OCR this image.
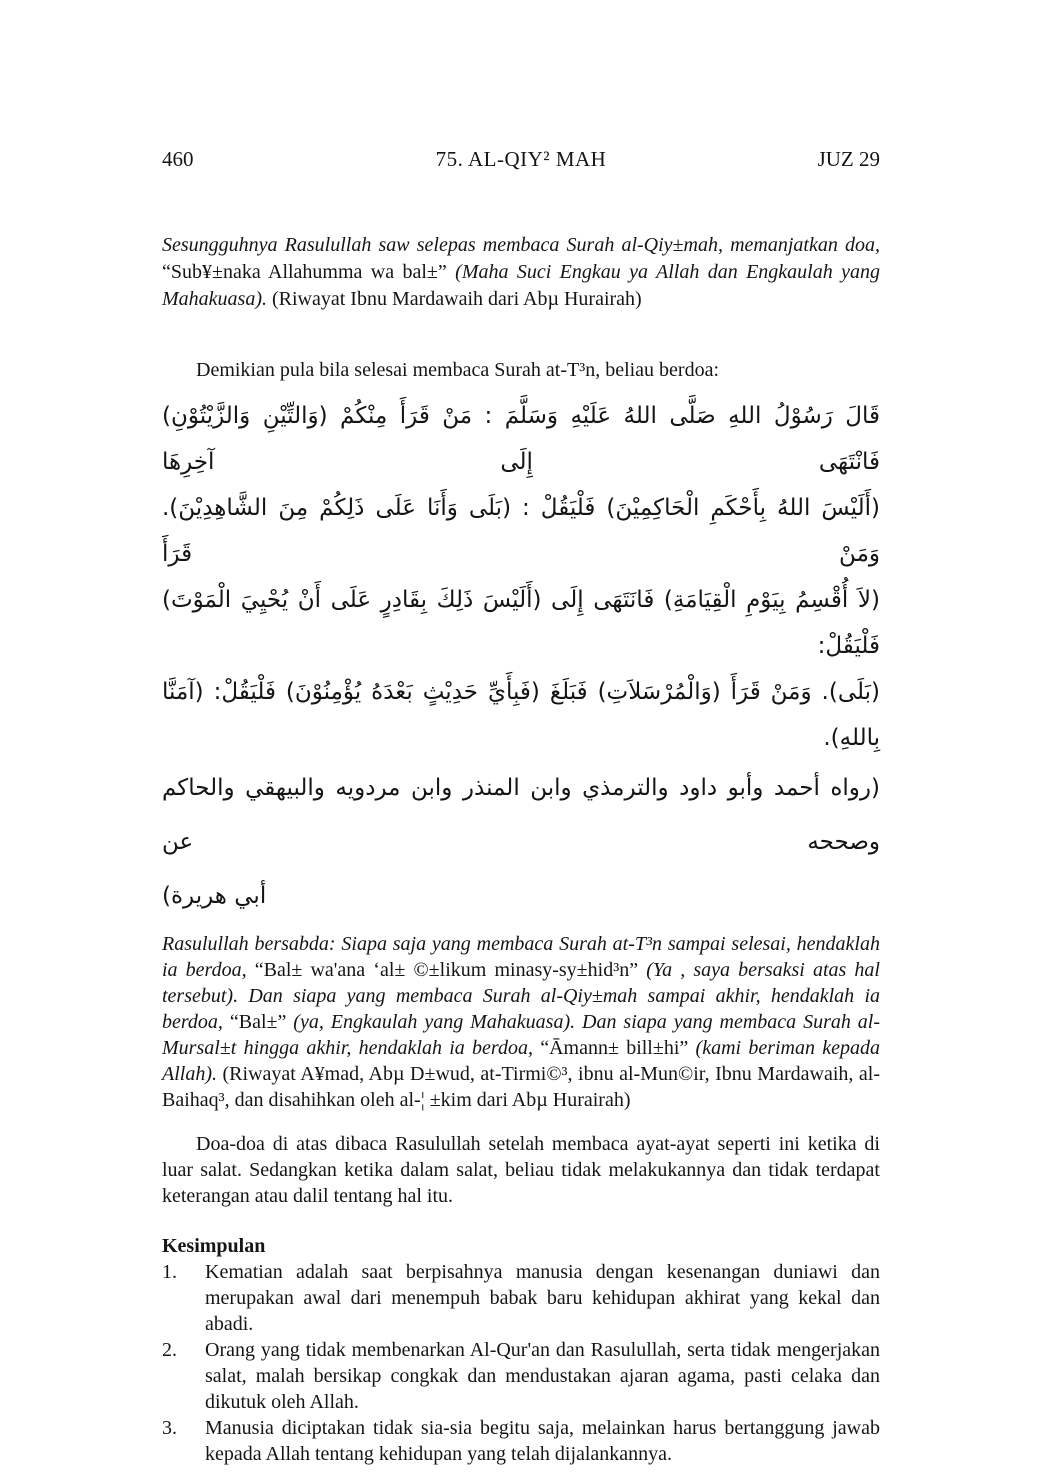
460	75. AL-QIY² MAH	JUZ 29

Sesungguhnya Rasulullah saw selepas membaca Surah al-Qiy±mah, memanjatkan doa, “Sub¥±naka Allahumma wa bal±” (Maha Suci Engkau ya Allah dan Engkaulah yang Mahakuasa). (Riwayat Ibnu Mardawaih dari Abµ Hurairah)

Demikian pula bila selesai membaca Surah at-T³n, beliau berdoa:

قَالَ رَسُوْلُ اللهِ صَلَّى اللهُ عَلَيْهِ وَسَلَّمَ : مَنْ قَرَأَ مِنْكُمْ (وَالتِّيْنِ وَالزَّيْتُوْنِ) فَانْتَهَى إِلَى آخِرِهَا
(أَلَيْسَ اللهُ بِأَحْكَمِ الْحَاكِمِيْنَ) فَلْيَقُلْ : (بَلَى وَأَنَا عَلَى ذَلِكُمْ مِنَ الشَّاهِدِيْنَ). وَمَنْ قَرَأَ
(لاَ أُقْسِمُ بِيَوْمِ الْقِيَامَةِ) فَانَتَهَى إِلَى (أَلَيْسَ ذَلِكَ بِقَادِرٍ عَلَى أَنْ يُحْيِيَ الْمَوْتَ) فَلْيَقُلْ:
(بَلَى). وَمَنْ قَرَأَ (وَالْمُرْسَلاَتِ) فَبَلَغَ (فَبِأَيِّ حَدِيْثٍ بَعْدَهُ يُؤْمِنُوْنَ) فَلْيَقُلْ: (آمَنَّا بِاللهِ).
(رواه أحمد وأبو داود والترمذي وابن المنذر وابن مردويه والبيهقي والحاكم وصححه عن
أبي هريرة)

Rasulullah bersabda: Siapa saja yang membaca Surah at-T³n sampai selesai, hendaklah ia berdoa, “Bal± wa'ana ‘al± ©±likum minasy-sy±hid³n” (Ya , saya bersaksi atas hal tersebut). Dan siapa yang membaca Surah al-Qiy±mah sampai akhir, hendaklah ia berdoa, “Bal±” (ya, Engkaulah yang Mahakuasa). Dan siapa yang membaca Surah al-Mursal±t hingga akhir, hendaklah ia berdoa, “Āmann± bill±hi” (kami beriman kepada Allah). (Riwayat A¥mad, Abµ D±wud, at-Tirmi©³, ibnu al-Mun©ir, Ibnu Mardawaih, al-Baihaq³, dan disahihkan oleh al-¦ ±kim dari Abµ Hurairah)

Doa-doa di atas dibaca Rasulullah setelah membaca ayat-ayat seperti ini ketika di luar salat. Sedangkan ketika dalam salat, beliau tidak melakukannya dan tidak terdapat keterangan atau dalil tentang hal itu.

Kesimpulan
1.	Kematian adalah saat berpisahnya manusia dengan kesenangan duniawi dan merupakan awal dari menempuh babak baru kehidupan akhirat yang kekal dan abadi.
2.	Orang yang tidak membenarkan Al-Qur'an dan Rasulullah, serta tidak mengerjakan salat, malah bersikap congkak dan mendustakan ajaran agama, pasti celaka dan dikutuk oleh Allah.
3.	Manusia diciptakan tidak sia-sia begitu saja, melainkan harus bertanggung jawab kepada Allah tentang kehidupan yang telah dijalankannya.
